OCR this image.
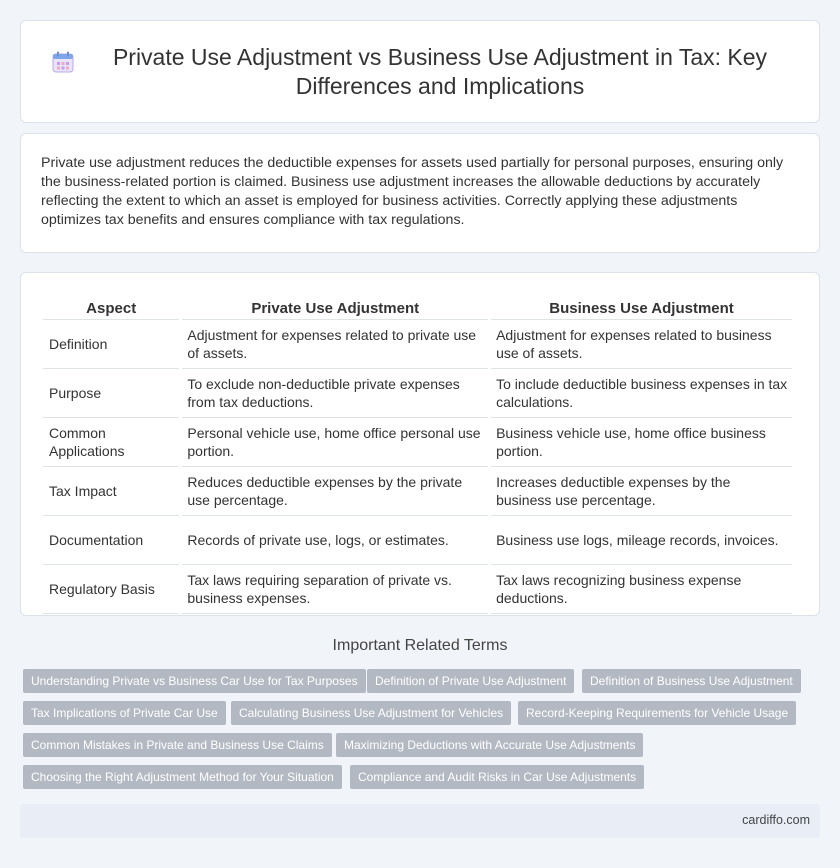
Private Use Adjustment vs Business Use Adjustment in Tax: Key Differences and Implications

Private use adjustment reduces the deductible expenses for assets used partially for personal purposes, ensuring only the business-related portion is claimed. Business use adjustment increases the allowable deductions by accurately reflecting the extent to which an asset is employed for business activities. Correctly applying these adjustments optimizes tax benefits and ensures compliance with tax regulations.

Aspect	Private Use Adjustment	Business Use Adjustment
Definition	Adjustment for expenses related to private use of assets.	Adjustment for expenses related to business use of assets.
Purpose	To exclude non-deductible private expenses from tax deductions.	To include deductible business expenses in tax calculations.
Common Applications	Personal vehicle use, home office personal use portion.	Business vehicle use, home office business portion.
Tax Impact	Reduces deductible expenses by the private use percentage.	Increases deductible expenses by the business use percentage.
Documentation	Records of private use, logs, or estimates.	Business use logs, mileage records, invoices.
Regulatory Basis	Tax laws requiring separation of private vs. business expenses.	Tax laws recognizing business expense deductions.
Important Related Terms
Understanding Private vs Business Car Use for Tax Purposes	Definition of Private Use Adjustment	Definition of Business Use Adjustment
Tax Implications of Private Car Use	Calculating Business Use Adjustment for Vehicles	Record-Keeping Requirements for Vehicle Usage
Common Mistakes in Private and Business Use Claims	Maximizing Deductions with Accurate Use Adjustments
Choosing the Right Adjustment Method for Your Situation	Compliance and Audit Risks in Car Use Adjustments
cardiffo.com
